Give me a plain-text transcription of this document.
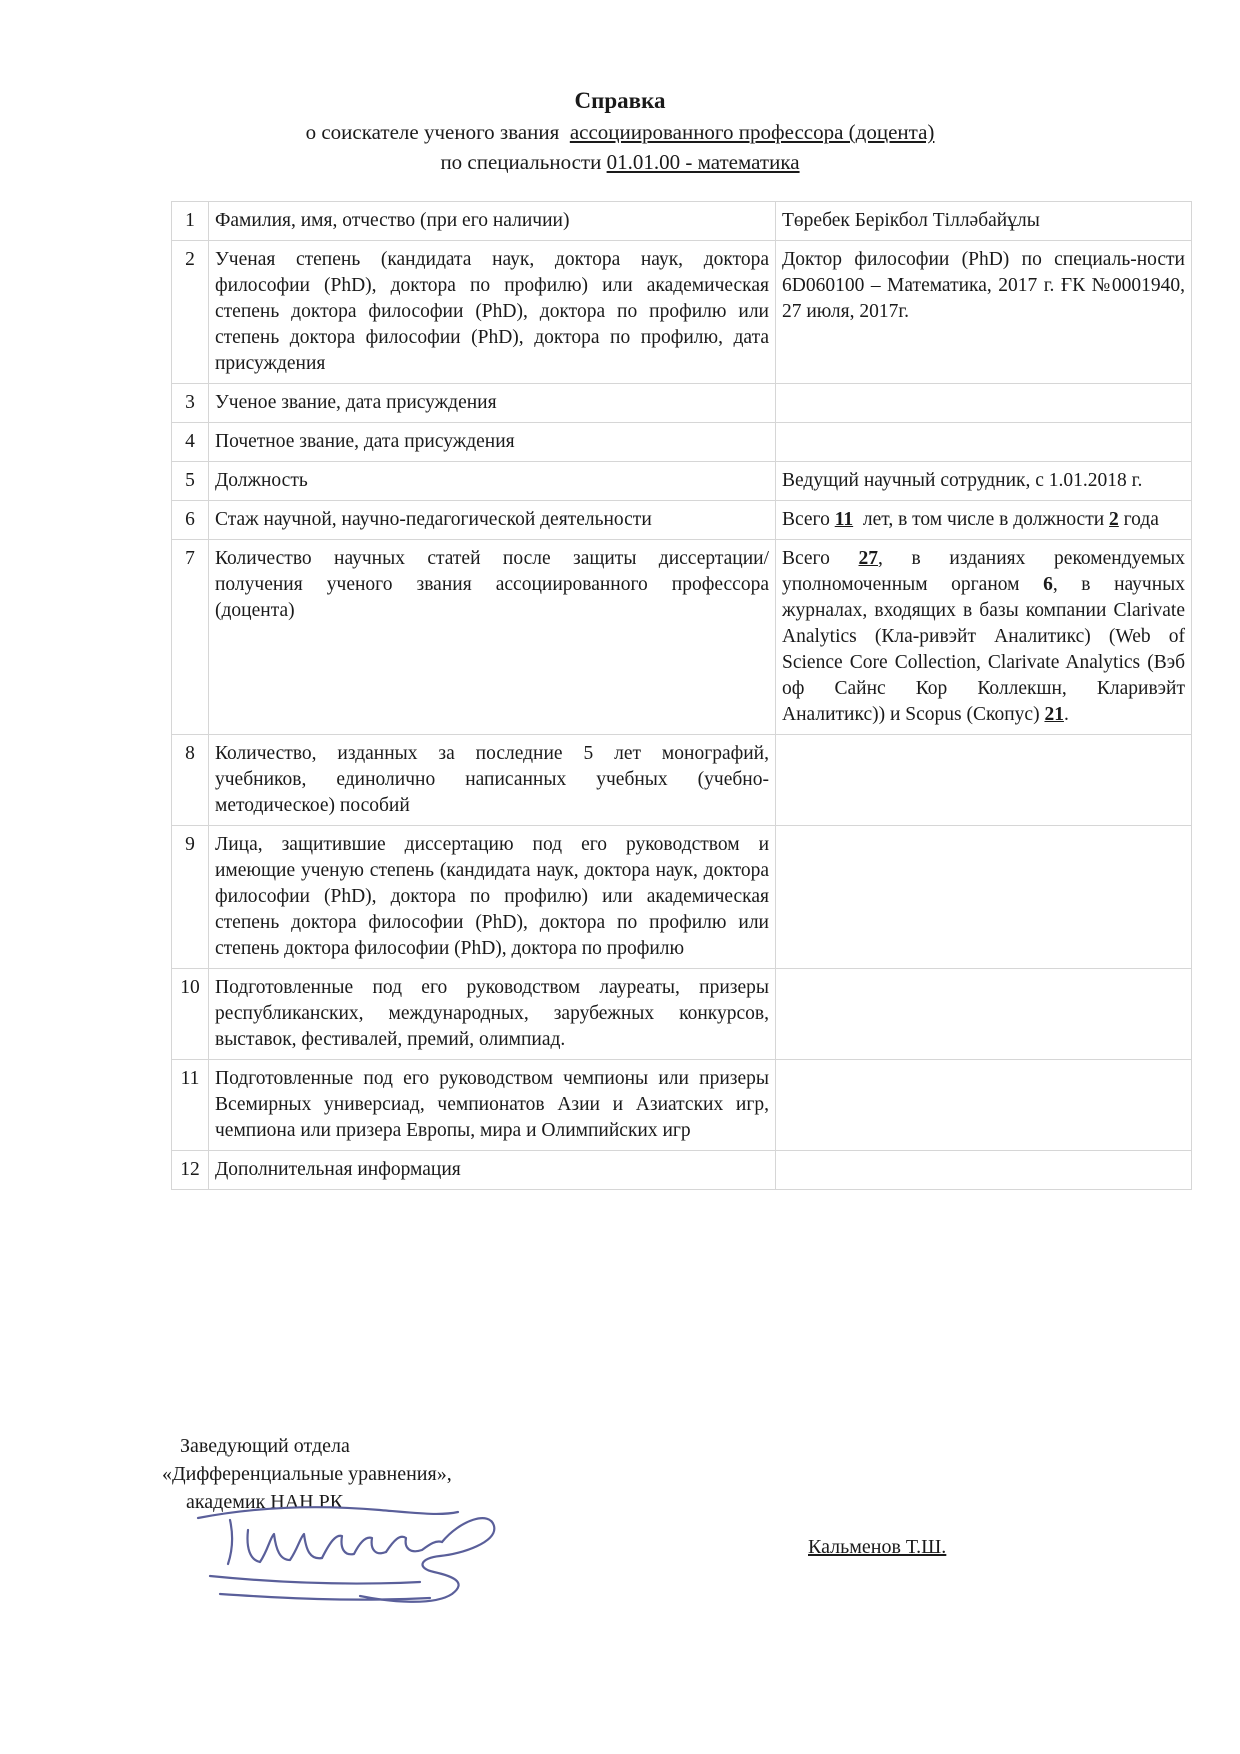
Справка
о соискателе ученого звания ассоциированного профессора (доцента)
по специальности 01.01.00 - математика
1	Фамилия, имя, отчество (при его наличии)	Төребек Берікбол Тілләбайұлы
2	Ученая степень (кандидата наук, доктора наук, доктора философии (PhD), доктора по профилю) или академическая степень доктора философии (PhD), доктора по профилю или степень доктора философии (PhD), доктора по профилю, дата присуждения	Доктор философии (PhD) по специаль-ности 6D060100 – Математика, 2017 г. ҒК №0001940, 27 июля, 2017г.
3	Ученое звание, дата присуждения	
4	Почетное звание, дата присуждения	
5	Должность	Ведущий научный сотрудник, с 1.01.2018 г.
6	Стаж научной, научно-педагогической деятельности	Всего 11 лет, в том числе в должности 2 года
7	Количество научных статей после защиты диссертации/получения ученого звания ассоциированного профессора (доцента)	Всего 27, в изданиях рекомендуемых уполномоченным органом 6, в научных журналах, входящих в базы компании Clarivate Analytics (Кла-ривэйт Аналитикс) (Web of Science Core Collection, Clarivate Analytics (Вэб оф Сайнс Кор Коллекшн, Кларивэйт Аналитикс)) и Scopus (Скопус) 21.
8	Количество, изданных за последние 5 лет монографий, учебников, единолично написанных учебных (учебно-методическое) пособий	
9	Лица, защитившие диссертацию под его руководством и имеющие ученую степень (кандидата наук, доктора наук, доктора философии (PhD), доктора по профилю) или академическая степень доктора философии (PhD), доктора по профилю или степень доктора философии (PhD), доктора по профилю	
10	Подготовленные под его руководством лауреаты, призеры республиканских, международных, зарубежных конкурсов, выставок, фестивалей, премий, олимпиад.	
11	Подготовленные под его руководством чемпионы или призеры Всемирных универсиад, чемпионатов Азии и Азиатских игр, чемпиона или призера Европы, мира и Олимпийских игр	
12	Дополнительная информация	
Заведующий отдела
«Дифференциальные уравнения»,
академик НАН РК
Кальменов Т.Ш.
